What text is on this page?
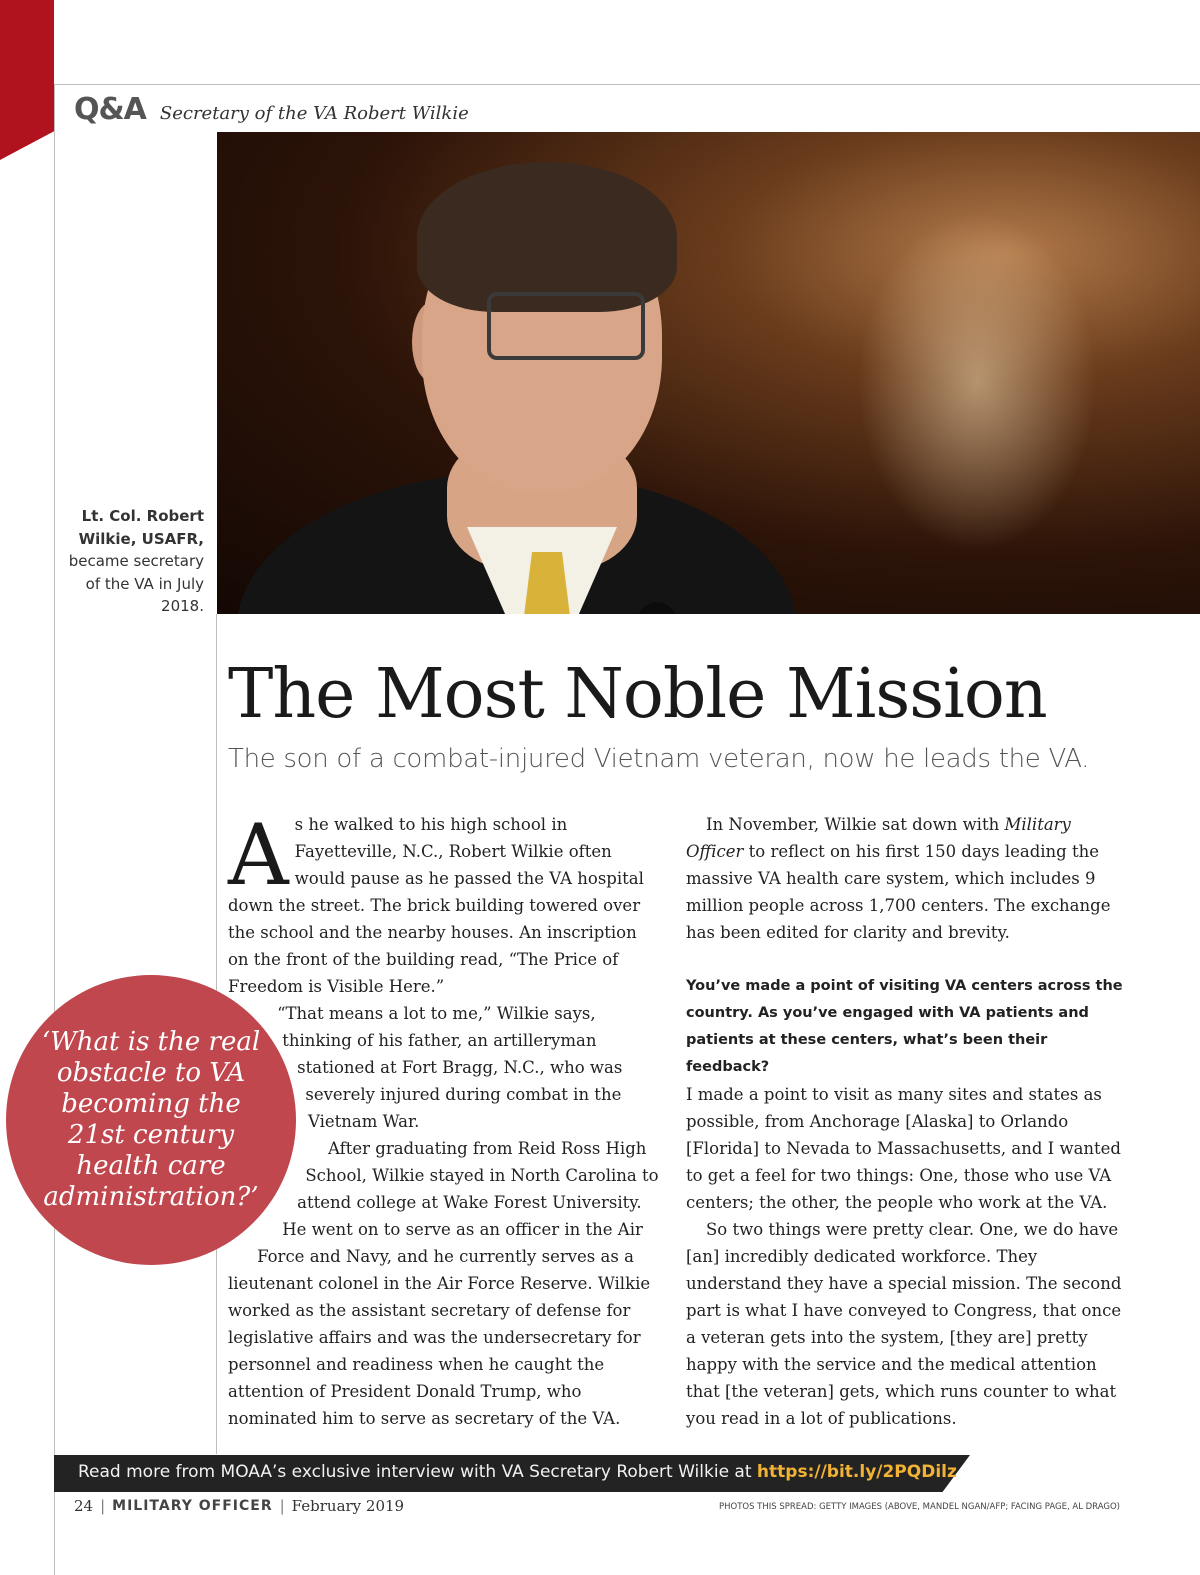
Q&A Secretary of the VA Robert Wilkie
Lt. Col. Robert Wilkie, USAFR, became secretary of the VA in July 2018.
The Most Noble Mission
The son of a combat-injured Vietnam veteran, now he leads the VA.
A s he walked to his high school in Fayetteville, N.C., Robert Wilkie often would pause as he passed the VA hospital down the street. The brick building towered over the school and the nearby houses. An inscription on the front of the building read, “The Price of Freedom is Visible Here.”

“That means a lot to me,” Wilkie says, thinking of his father, an artilleryman stationed at Fort Bragg, N.C., who was severely injured during combat in the Vietnam War.

After graduating from Reid Ross High School, Wilkie stayed in North Carolina to attend college at Wake Forest University. He went on to serve as an officer in the Air Force and Navy, and he currently serves as a lieutenant colonel in the Air Force Reserve. Wilkie worked as the assistant secretary of defense for legislative affairs and was the undersecretary for personnel and readiness when he caught the attention of President Donald Trump, who nominated him to serve as secretary of the VA.

In November, Wilkie sat down with Military Officer to reflect on his first 150 days leading the massive VA health care system, which includes 9 million people across 1,700 centers. The exchange has been edited for clarity and brevity.

You’ve made a point of visiting VA centers across the country. As you’ve engaged with VA patients and patients at these centers, what’s been their feedback?

I made a point to visit as many sites and states as possible, from Anchorage [Alaska] to Orlando [Florida] to Nevada to Massachusetts, and I wanted to get a feel for two things: One, those who use VA centers; the other, the people who work at the VA.

So two things were pretty clear. One, we do have [an] incredibly dedicated workforce. They understand they have a special mission. The second part is what I have conveyed to Congress, that once a veteran gets into the system, [they are] pretty happy with the service and the medical attention that [the veteran] gets, which runs counter to what you read in a lot of publications.

‘What is the real obstacle to VA becoming the 21st century health care administration?’
Read more from MOAA’s exclusive interview with VA Secretary Robert Wilkie at https://bit.ly/2PQDilz
24 | MILITARY OFFICER | February 2019	PHOTOS THIS SPREAD: GETTY IMAGES (ABOVE, MANDEL NGAN/AFP; FACING PAGE, AL DRAGO)
